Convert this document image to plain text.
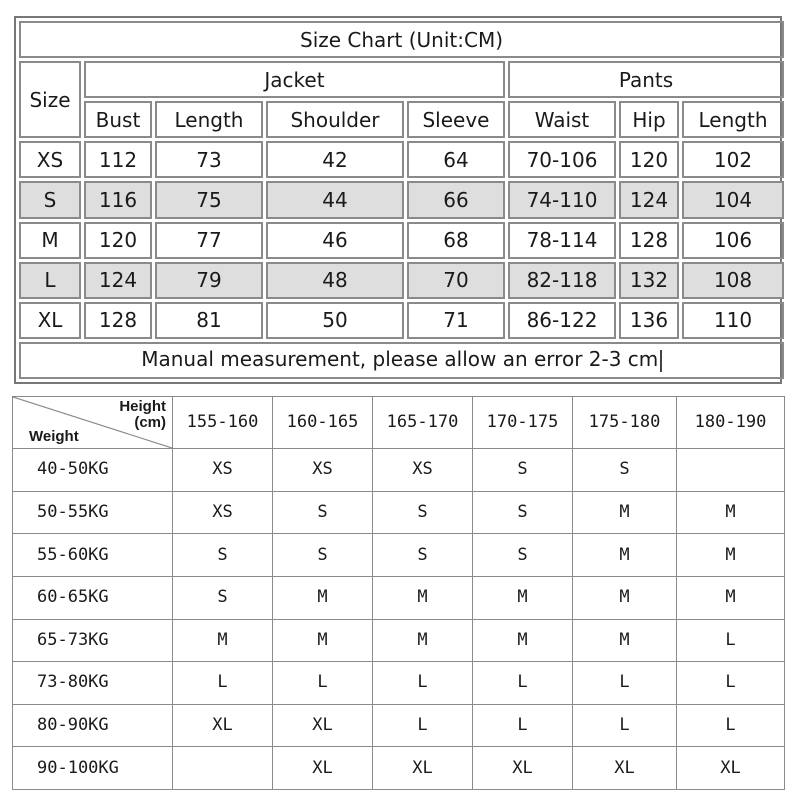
Size Chart (Unit:CM)							
Size	Jacket				Pants		
	Bust	Length	Shoulder	Sleeve	Waist	Hip	Length
XS	112	73	42	64	70-106	120	102
S	116	75	44	66	74-110	124	104
M	120	77	46	68	78-114	128	106
L	124	79	48	70	82-118	132	108
XL	128	81	50	71	86-122	136	110
Manual measurement, please allow an error 2-3 cm							
Height
(cm)
Weight	155-160	160-165	165-170	170-175	175-180	180-190
40-50KG	XS	XS	XS	S	S	
50-55KG	XS	S	S	S	M	M
55-60KG	S	S	S	S	M	M
60-65KG	S	M	M	M	M	M
65-73KG	M	M	M	M	M	L
73-80KG	L	L	L	L	L	L
80-90KG	XL	XL	L	L	L	L
90-100KG		XL	XL	XL	XL	XL
